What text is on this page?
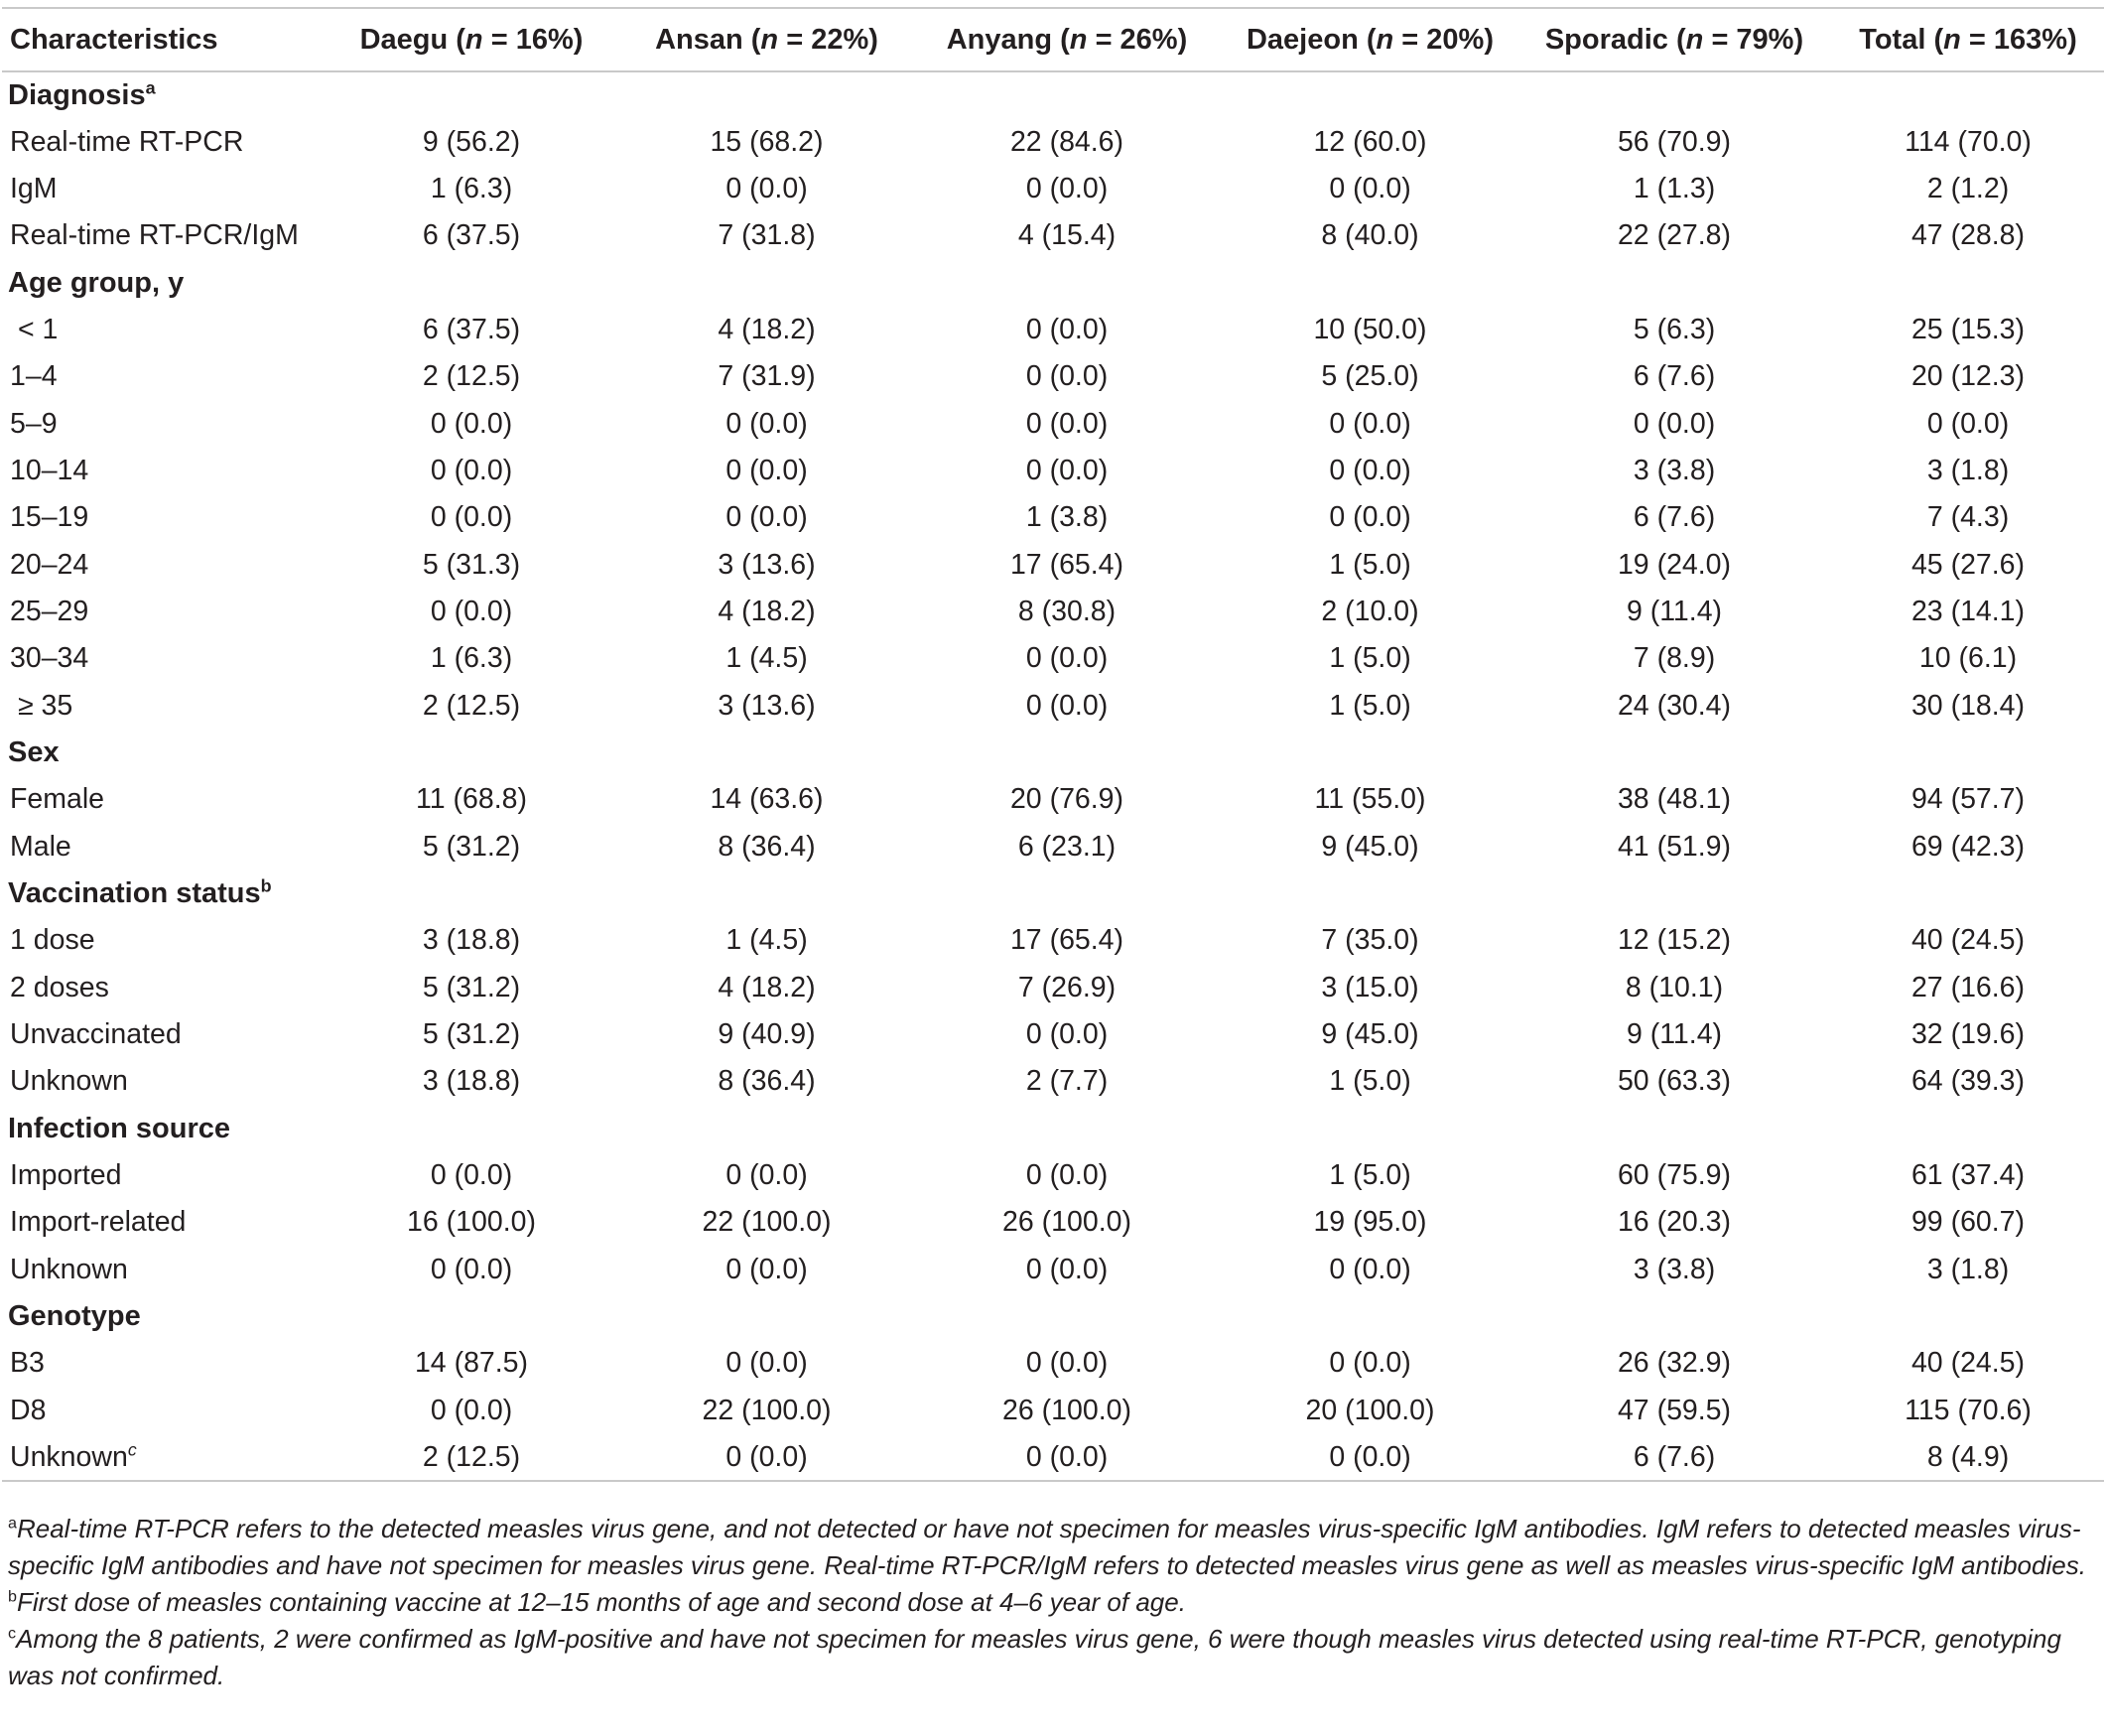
Characteristics	Daegu (n = 16%)	Ansan (n = 22%)	Anyang (n = 26%)	Daejeon (n = 20%)	Sporadic (n = 79%)	Total (n = 163%)
Diagnosis$^a$
Real-time RT-PCR	9 (56.2)	15 (68.2)	22 (84.6)	12 (60.0)	56 (70.9)	114 (70.0)
IgM	1 (6.3)	0 (0.0)	0 (0.0)	0 (0.0)	1 (1.3)	2 (1.2)
Real-time RT-PCR/IgM	6 (37.5)	7 (31.8)	4 (15.4)	8 (40.0)	22 (27.8)	47 (28.8)
Age group, y						
< 1	6 (37.5)	4 (18.2)	0 (0.0)	10 (50.0)	5 (6.3)	25 (15.3)
1–4	2 (12.5)	7 (31.9)	0 (0.0)	5 (25.0)	6 (7.6)	20 (12.3)
5–9	0 (0.0)	0 (0.0)	0 (0.0)	0 (0.0)	0 (0.0)	0 (0.0)
10–14	0 (0.0)	0 (0.0)	0 (0.0)	0 (0.0)	3 (3.8)	3 (1.8)
15–19	0 (0.0)	0 (0.0)	1 (3.8)	0 (0.0)	6 (7.6)	7 (4.3)
20–24	5 (31.3)	3 (13.6)	17 (65.4)	1 (5.0)	19 (24.0)	45 (27.6)
25–29	0 (0.0)	4 (18.2)	8 (30.8)	2 (10.0)	9 (11.4)	23 (14.1)
30–34	1 (6.3)	1 (4.5)	0 (0.0)	1 (5.0)	7 (8.9)	10 (6.1)
≥ 35	2 (12.5)	3 (13.6)	0 (0.0)	1 (5.0)	24 (30.4)	30 (18.4)
Sex						
Female	11 (68.8)	14 (63.6)	20 (76.9)	11 (55.0)	38 (48.1)	94 (57.7)
Male	5 (31.2)	8 (36.4)	6 (23.1)	9 (45.0)	41 (51.9)	69 (42.3)
Vaccination status$^b$
1 dose	3 (18.8)	1 (4.5)	17 (65.4)	7 (35.0)	12 (15.2)	40 (24.5)
2 doses	5 (31.2)	4 (18.2)	7 (26.9)	3 (15.0)	8 (10.1)	27 (16.6)
Unvaccinated	5 (31.2)	9 (40.9)	0 (0.0)	9 (45.0)	9 (11.4)	32 (19.6)
Unknown	3 (18.8)	8 (36.4)	2 (7.7)	1 (5.0)	50 (63.3)	64 (39.3)
Infection source						
Imported	0 (0.0)	0 (0.0)	0 (0.0)	1 (5.0)	60 (75.9)	61 (37.4)
Import-related	16 (100.0)	22 (100.0)	26 (100.0)	19 (95.0)	16 (20.3)	99 (60.7)
Unknown	0 (0.0)	0 (0.0)	0 (0.0)	0 (0.0)	3 (3.8)	3 (1.8)
Genotype						
B3	14 (87.5)	0 (0.0)	0 (0.0)	0 (0.0)	26 (32.9)	40 (24.5)
D8	0 (0.0)	22 (100.0)	26 (100.0)	20 (100.0)	47 (59.5)	115 (70.6)
Unknown$^c$	2 (12.5)	0 (0.0)	0 (0.0)	0 (0.0)	6 (7.6)	8 (4.9)

$^a$Real-time RT-PCR refers to the detected measles virus gene, and not detected or have not specimen for measles virus-specific IgM antibodies. IgM refers to detected measles virus-specific IgM antibodies and have not specimen for measles virus gene. Real-time RT-PCR/IgM refers to detected measles virus gene as well as measles virus-specific IgM antibodies.

$^b$First dose of measles containing vaccine at 12–15 months of age and second dose at 4–6 year of age.

$^c$Among the 8 patients, 2 were confirmed as IgM-positive and have not specimen for measles virus gene, 6 were though measles virus detected using real-time RT-PCR, genotyping was not confirmed.
